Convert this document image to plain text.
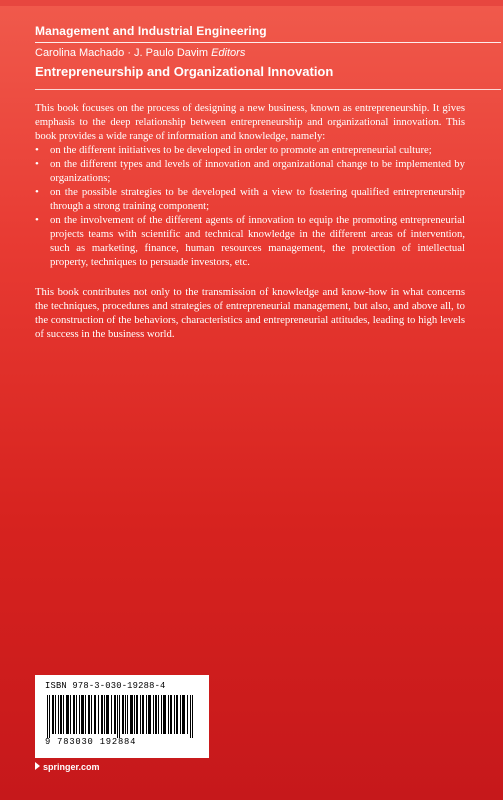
Management and Industrial Engineering
Carolina Machado · J. Paulo Davim Editors
Entrepreneurship and Organizational Innovation

This book focuses on the process of designing a new business, known as entrepreneurship. It gives emphasis to the deep relationship between entrepreneurship and organizational innovation. This book provides a wide range of information and knowledge, namely:

• on the different initiatives to be developed in order to promote an entrepreneurial culture;
• on the different types and levels of innovation and organizational change to be implemented by organizations;
• on the possible strategies to be developed with a view to fostering qualified entrepreneurship through a strong training component;
• on the involvement of the different agents of innovation to equip the promoting entrepreneurial projects teams with scientific and technical knowledge in the different areas of intervention, such as marketing, finance, human resources management, the protection of intellectual property, techniques to persuade investors, etc.

This book contributes not only to the transmission of knowledge and know-how in what concerns the techniques, procedures and strategies of entrepreneurial management, but also, and above all, to the construction of the behaviors, characteristics and entrepreneurial attitudes, leading to high levels of success in the business world.

ISBN 978-3-030-19288-4
9 783030 192884
springer.com
